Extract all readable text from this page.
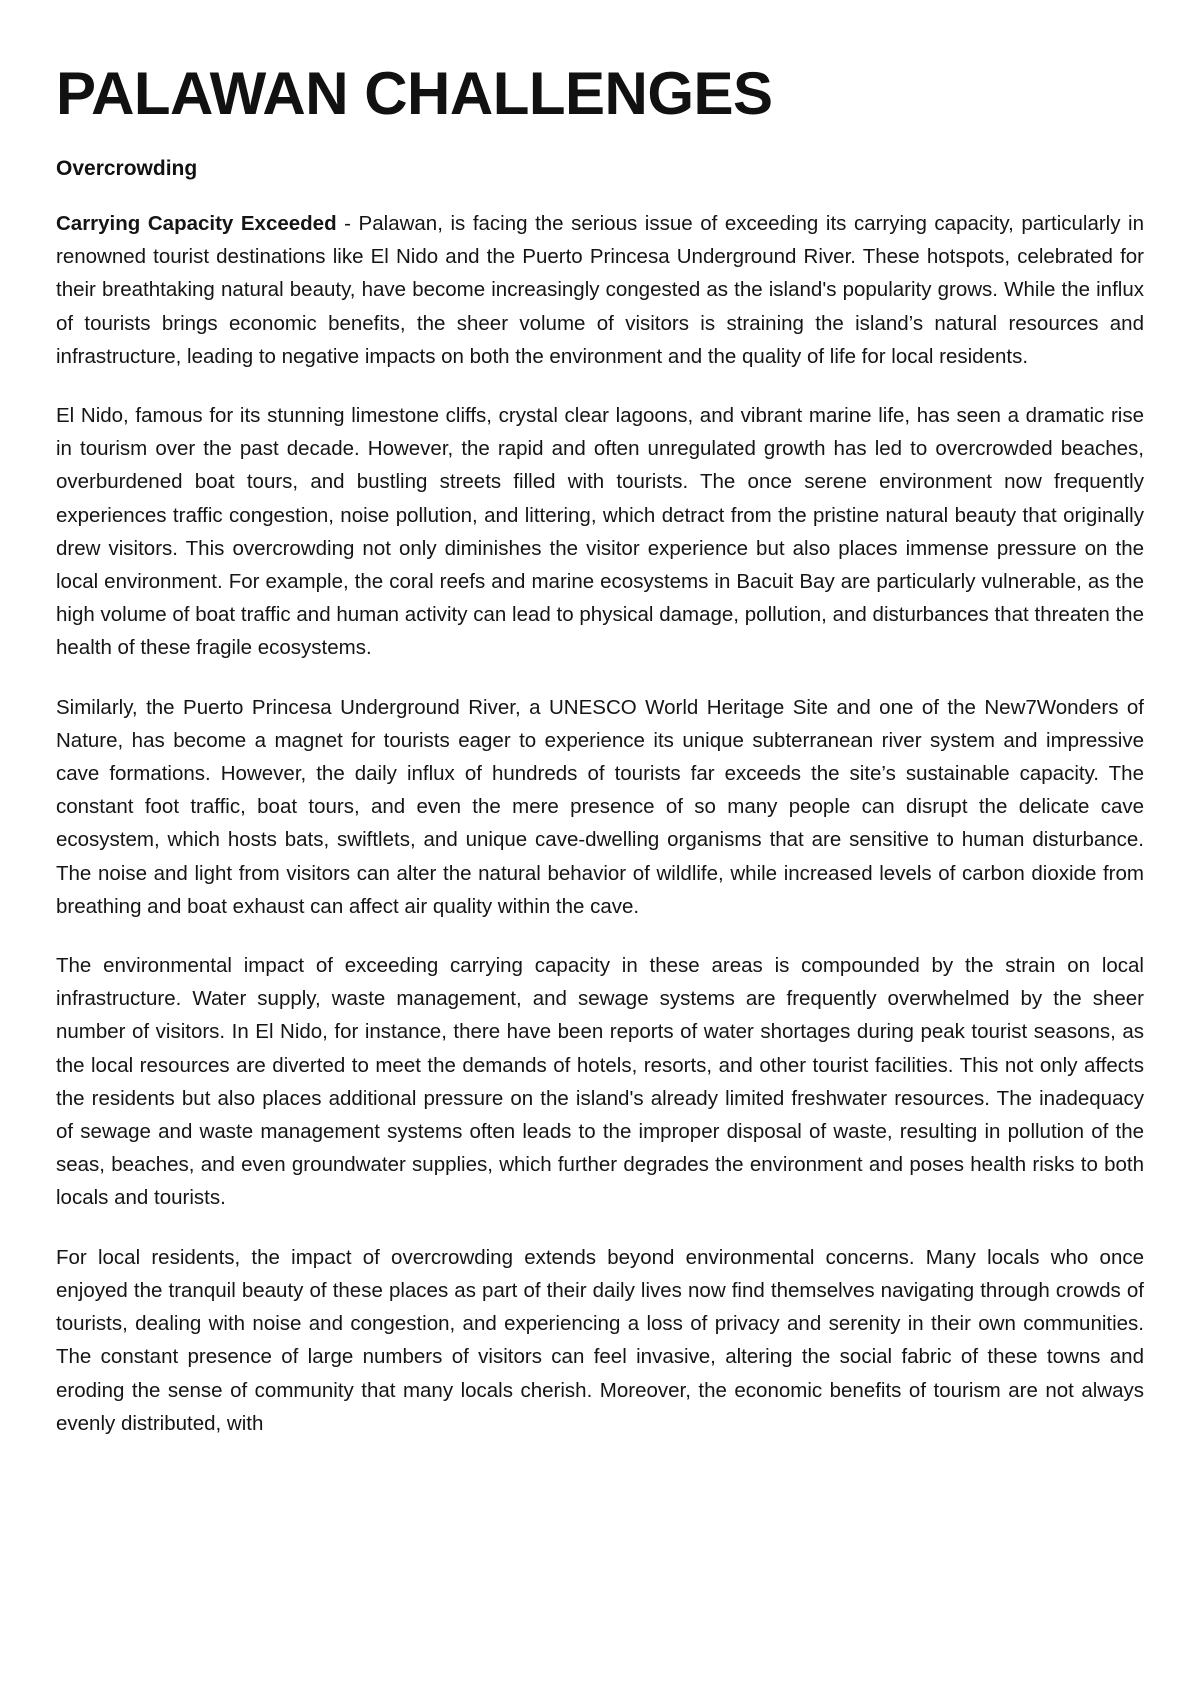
PALAWAN CHALLENGES
Overcrowding

Carrying Capacity Exceeded - Palawan, is facing the serious issue of exceeding its carrying capacity, particularly in renowned tourist destinations like El Nido and the Puerto Princesa Underground River. These hotspots, celebrated for their breathtaking natural beauty, have become increasingly congested as the island's popularity grows. While the influx of tourists brings economic benefits, the sheer volume of visitors is straining the island’s natural resources and infrastructure, leading to negative impacts on both the environment and the quality of life for local residents.

El Nido, famous for its stunning limestone cliffs, crystal clear lagoons, and vibrant marine life, has seen a dramatic rise in tourism over the past decade. However, the rapid and often unregulated growth has led to overcrowded beaches, overburdened boat tours, and bustling streets filled with tourists. The once serene environment now frequently experiences traffic congestion, noise pollution, and littering, which detract from the pristine natural beauty that originally drew visitors. This overcrowding not only diminishes the visitor experience but also places immense pressure on the local environment. For example, the coral reefs and marine ecosystems in Bacuit Bay are particularly vulnerable, as the high volume of boat traffic and human activity can lead to physical damage, pollution, and disturbances that threaten the health of these fragile ecosystems.

Similarly, the Puerto Princesa Underground River, a UNESCO World Heritage Site and one of the New7Wonders of Nature, has become a magnet for tourists eager to experience its unique subterranean river system and impressive cave formations. However, the daily influx of hundreds of tourists far exceeds the site’s sustainable capacity. The constant foot traffic, boat tours, and even the mere presence of so many people can disrupt the delicate cave ecosystem, which hosts bats, swiftlets, and unique cave-dwelling organisms that are sensitive to human disturbance. The noise and light from visitors can alter the natural behavior of wildlife, while increased levels of carbon dioxide from breathing and boat exhaust can affect air quality within the cave.

The environmental impact of exceeding carrying capacity in these areas is compounded by the strain on local infrastructure. Water supply, waste management, and sewage systems are frequently overwhelmed by the sheer number of visitors. In El Nido, for instance, there have been reports of water shortages during peak tourist seasons, as the local resources are diverted to meet the demands of hotels, resorts, and other tourist facilities. This not only affects the residents but also places additional pressure on the island's already limited freshwater resources. The inadequacy of sewage and waste management systems often leads to the improper disposal of waste, resulting in pollution of the seas, beaches, and even groundwater supplies, which further degrades the environment and poses health risks to both locals and tourists.

For local residents, the impact of overcrowding extends beyond environmental concerns. Many locals who once enjoyed the tranquil beauty of these places as part of their daily lives now find themselves navigating through crowds of tourists, dealing with noise and congestion, and experiencing a loss of privacy and serenity in their own communities. The constant presence of large numbers of visitors can feel invasive, altering the social fabric of these towns and eroding the sense of community that many locals cherish. Moreover, the economic benefits of tourism are not always evenly distributed, with
